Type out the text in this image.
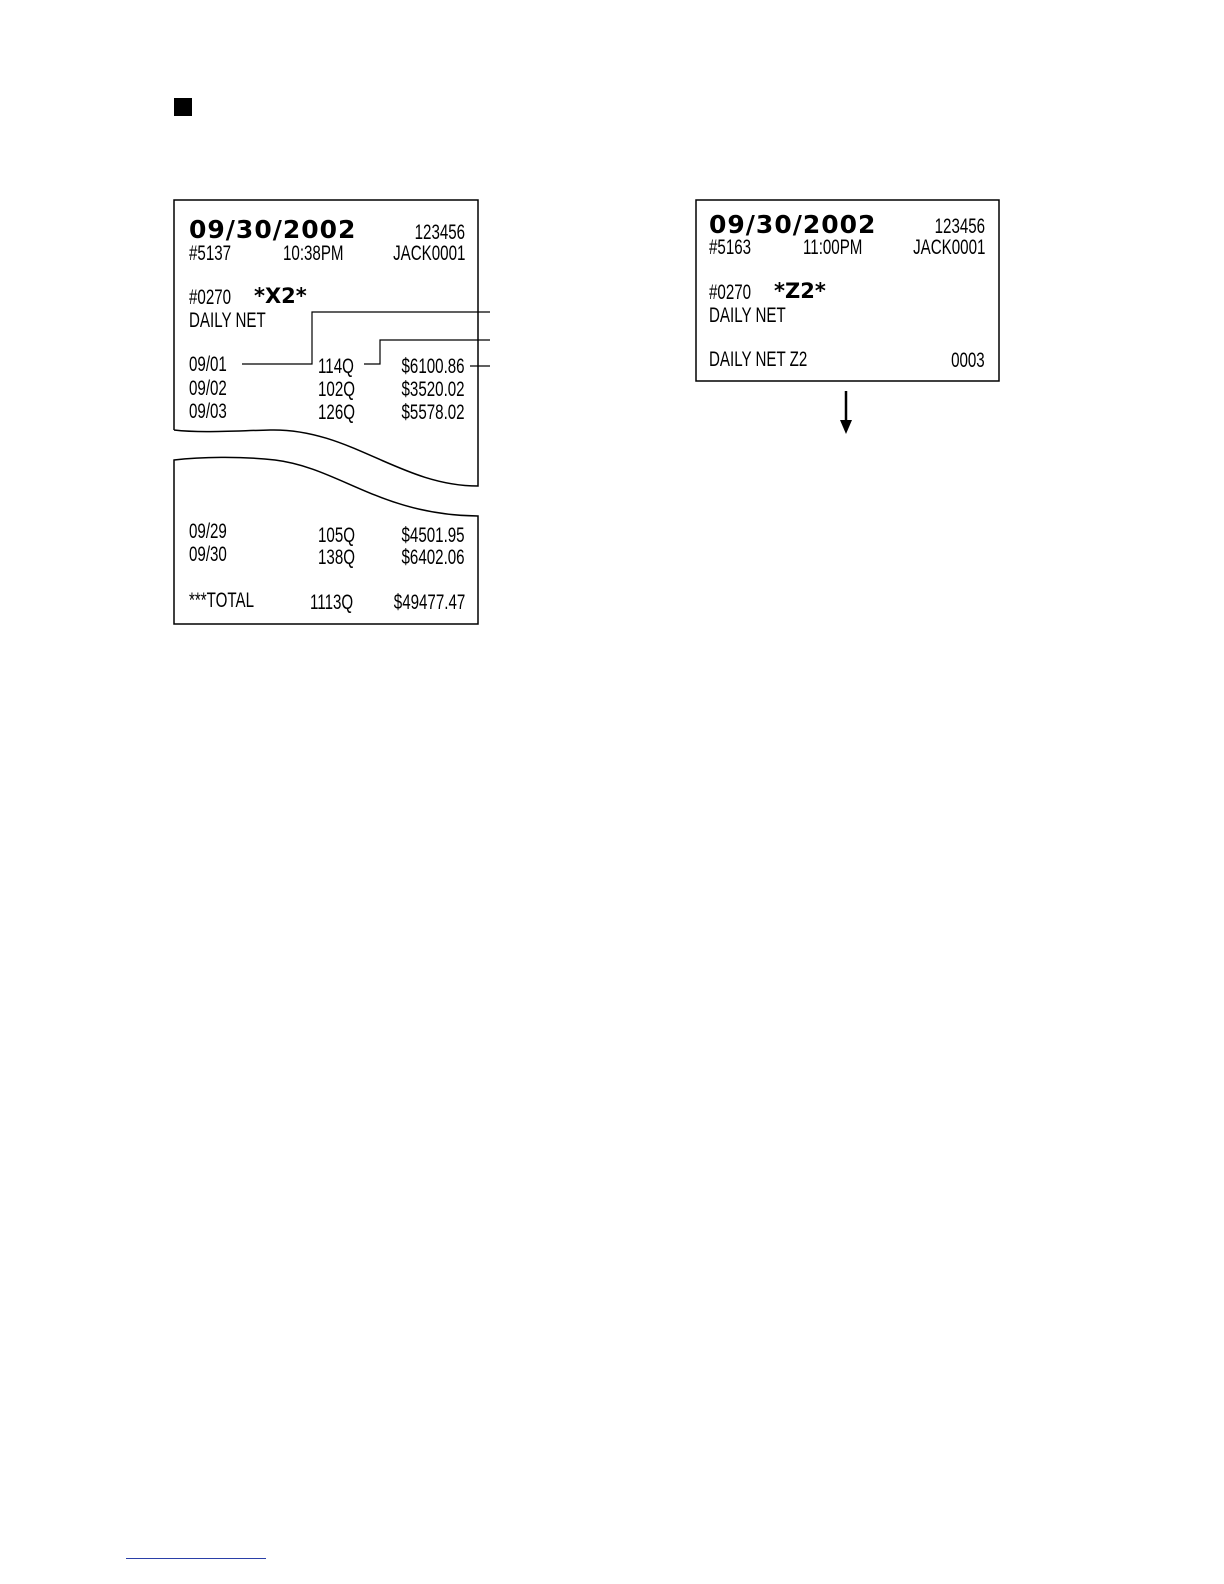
09/30/2002	123456
#5137 10:38PM JACK0001
#0270 *X2*
DAILY NET
09/01	114Q $6100.86
09/02	102Q $3520.02
09/03	126Q $5578.02
09/29	105Q $4501.95
09/30	138Q $6402.06
***TOTAL	1113Q $49477.47
09/30/2002	123456
#5163 11:00PM JACK0001
#0270 *Z2*
DAILY NET
DAILY NET Z2	0003
